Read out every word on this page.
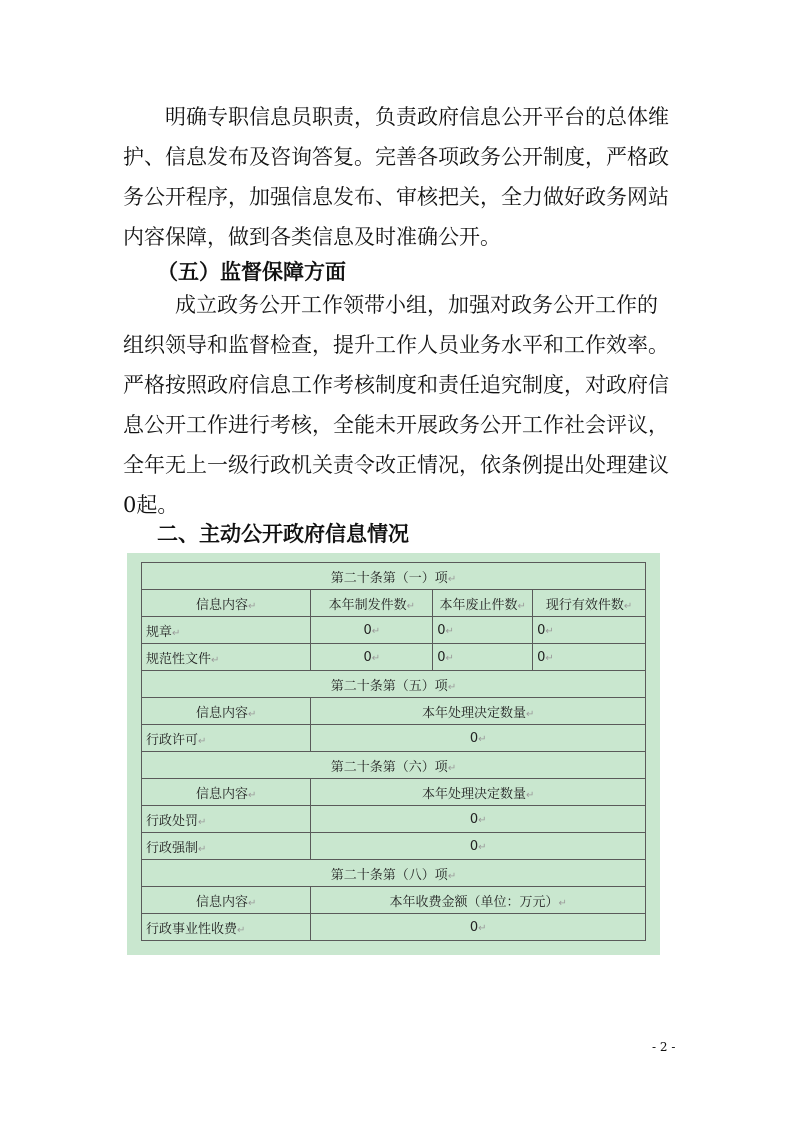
明确专职信息员职责，负责政府信息公开平台的总体维
护、信息发布及咨询答复。完善各项政务公开制度，严格政
务公开程序，加强信息发布、审核把关，全力做好政务网站
内容保障，做到各类信息及时准确公开。
（五）监督保障方面
成立政务公开工作领带小组，加强对政务公开工作的
组织领导和监督检查，提升工作人员业务水平和工作效率。
严格按照政府信息工作考核制度和责任追究制度，对政府信
息公开工作进行考核，全能未开展政务公开工作社会评议，
全年无上一级行政机关责令改正情况，依条例提出处理建议
0起。
二、主动公开政府信息情况
第二十条第（一）项↵			
信息内容↵	本年制发件数↵	本年废止件数↵	现行有效件数↵
规章↵	0↵	0↵	0↵
规范性文件↵	0↵	0↵	0↵
第二十条第（五）项↵			
信息内容↵	本年处理决定数量↵		
行政许可↵	0↵		
第二十条第（六）项↵			
信息内容↵	本年处理决定数量↵		
行政处罚↵	0↵		
行政强制↵	0↵		
第二十条第（八）项↵			
信息内容↵	本年收费金额（单位：万元）↵		
行政事业性收费↵	0↵		
- 2 -
